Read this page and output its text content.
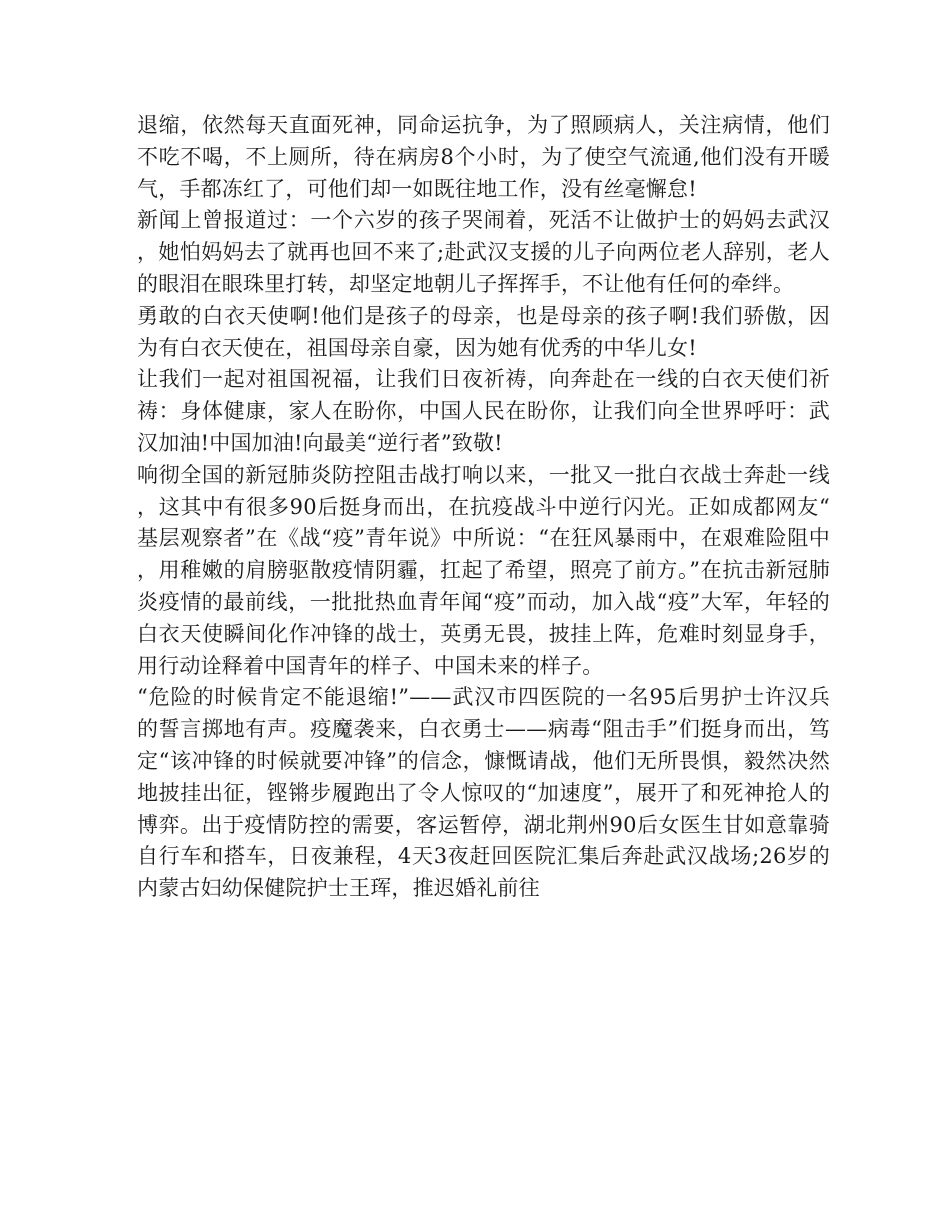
退缩，依然每天直面死神，同命运抗争，为了照顾病人，关注病情，他们不吃不喝，不上厕所，待在病房8个小时，为了使空气流通,他们没有开暖气，手都冻红了，可他们却一如既往地工作，没有丝毫懈怠!

新闻上曾报道过：一个六岁的孩子哭闹着，死活不让做护士的妈妈去武汉，她怕妈妈去了就再也回不来了;赴武汉支援的儿子向两位老人辞别，老人的眼泪在眼珠里打转，却坚定地朝儿子挥挥手，不让他有任何的牵绊。

勇敢的白衣天使啊!他们是孩子的母亲，也是母亲的孩子啊!我们骄傲，因为有白衣天使在，祖国母亲自豪，因为她有优秀的中华儿女!

让我们一起对祖国祝福，让我们日夜祈祷，向奔赴在一线的白衣天使们祈祷：身体健康，家人在盼你，中国人民在盼你，让我们向全世界呼吁：武汉加油!中国加油!向最美“逆行者”致敬!

响彻全国的新冠肺炎防控阻击战打响以来，一批又一批白衣战士奔赴一线，这其中有很多90后挺身而出，在抗疫战斗中逆行闪光。正如成都网友“基层观察者”在《战“疫”青年说》中所说：“在狂风暴雨中，在艰难险阻中，用稚嫩的肩膀驱散疫情阴霾，扛起了希望，照亮了前方。”在抗击新冠肺炎疫情的最前线，一批批热血青年闻“疫”而动，加入战“疫”大军，年轻的白衣天使瞬间化作冲锋的战士，英勇无畏，披挂上阵，危难时刻显身手，用行动诠释着中国青年的样子、中国未来的样子。

“危险的时候肯定不能退缩!”——武汉市四医院的一名95后男护士许汉兵的誓言掷地有声。疫魔袭来，白衣勇士——病毒“阻击手”们挺身而出，笃定“该冲锋的时候就要冲锋”的信念，慷慨请战，他们无所畏惧，毅然决然地披挂出征，铿锵步履跑出了令人惊叹的“加速度”，展开了和死神抢人的博弈。出于疫情防控的需要，客运暂停，湖北荆州90后女医生甘如意靠骑自行车和搭车，日夜兼程，4天3夜赶回医院汇集后奔赴武汉战场;26岁的内蒙古妇幼保健院护士王珲，推迟婚礼前往
